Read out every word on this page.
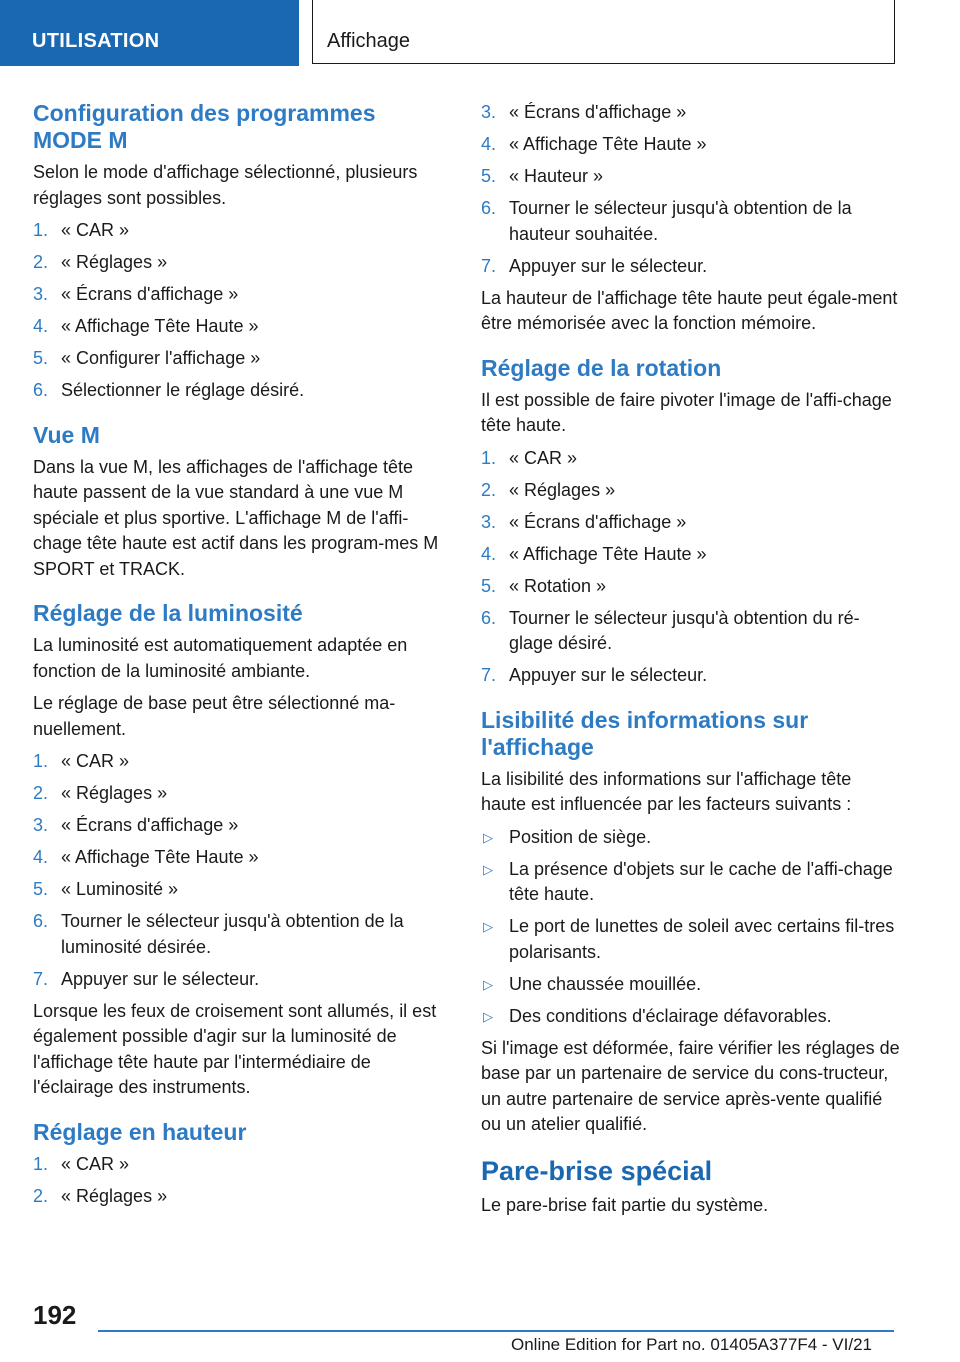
UTILISATION	Affichage
Configuration des programmes MODE M

Selon le mode d'affichage sélectionné, plusieurs réglages sont possibles.

1. « CAR »
2. « Réglages »
3. « Écrans d'affichage »
4. « Affichage Tête Haute »
5. « Configurer l'affichage »
6. Sélectionner le réglage désiré.
Vue M

Dans la vue M, les affichages de l'affichage tête haute passent de la vue standard à une vue M spéciale et plus sportive. L'affichage M de l'affi-chage tête haute est actif dans les program-mes M SPORT et TRACK.

Réglage de la luminosité

La luminosité est automatiquement adaptée en fonction de la luminosité ambiante.

Le réglage de base peut être sélectionné ma-nuellement.

1. « CAR »
2. « Réglages »
3. « Écrans d'affichage »
4. « Affichage Tête Haute »
5. « Luminosité »
6. Tourner le sélecteur jusqu'à obtention de la luminosité désirée.
7. Appuyer sur le sélecteur.

Lorsque les feux de croisement sont allumés, il est également possible d'agir sur la luminosité de l'affichage tête haute par l'intermédiaire de l'éclairage des instruments.

Réglage en hauteur
1. « CAR »
2. « Réglages »
3. « Écrans d'affichage »
4. « Affichage Tête Haute »
5. « Hauteur »
6. Tourner le sélecteur jusqu'à obtention de la hauteur souhaitée.
7. Appuyer sur le sélecteur.

La hauteur de l'affichage tête haute peut égale-ment être mémorisée avec la fonction mémoire.

Réglage de la rotation

Il est possible de faire pivoter l'image de l'affi-chage tête haute.

1. « CAR »
2. « Réglages »
3. « Écrans d'affichage »
4. « Affichage Tête Haute »
5. « Rotation »
6. Tourner le sélecteur jusqu'à obtention du ré-glage désiré.
7. Appuyer sur le sélecteur.
Lisibilité des informations sur l'affichage

La lisibilité des informations sur l'affichage tête haute est influencée par les facteurs suivants :

▷ Position de siège.
▷ La présence d'objets sur le cache de l'affi-chage tête haute.
▷ Le port de lunettes de soleil avec certains fil-tres polarisants.
▷ Une chaussée mouillée.
▷ Des conditions d'éclairage défavorables.

Si l'image est déformée, faire vérifier les réglages de base par un partenaire de service du cons-tructeur, un autre partenaire de service après-vente qualifié ou un atelier qualifié.

Pare-brise spécial

Le pare-brise fait partie du système.

192
Online Edition for Part no. 01405A377F4 - VI/21
